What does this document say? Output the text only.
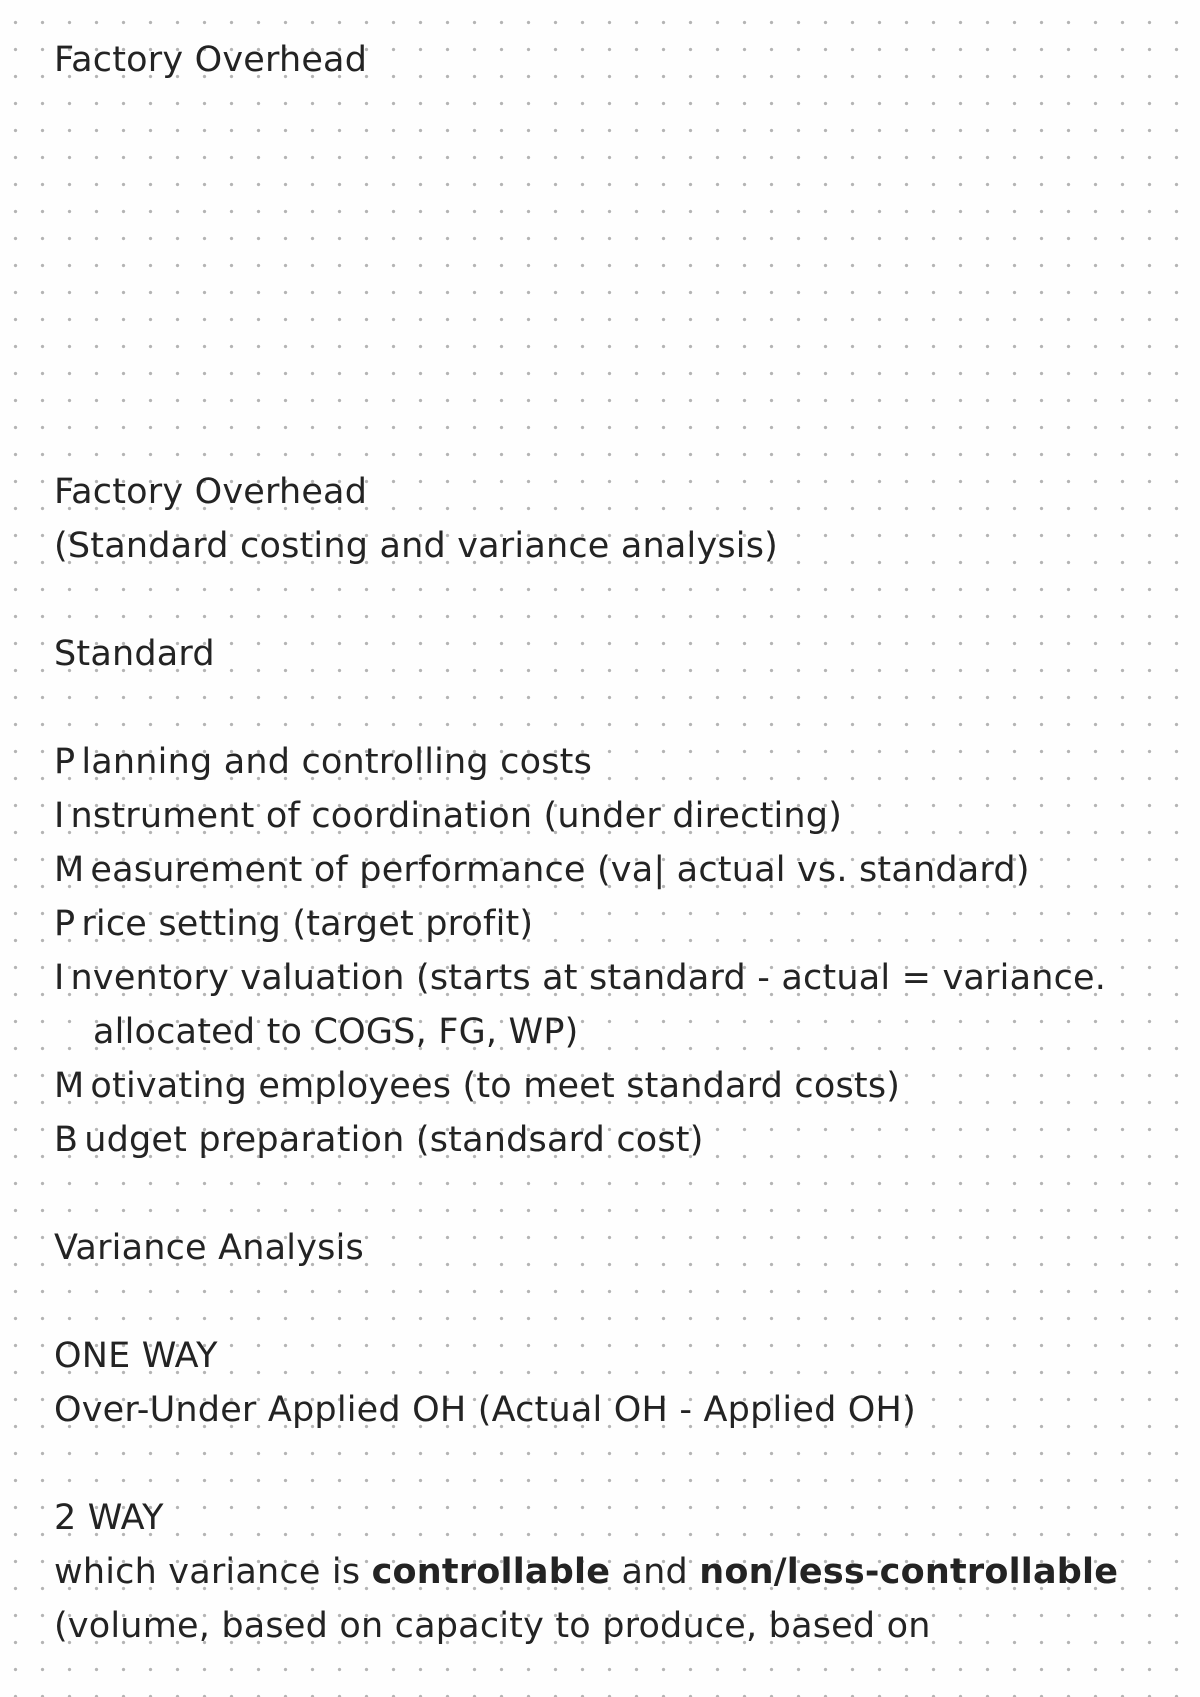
Factory Overhead

Factory Overhead

(Standard costing and variance analysis)

Standard

P lanning and controlling costs

I nstrument of coordination (under directing)

M easurement of performance (va| actual vs. standard)

P rice setting (target profit)

I nventory valuation (starts at standard - actual = variance.

allocated to COGS, FG, WP)

M otivating employees (to meet standard costs)

B udget preparation (standsard cost)

Variance Analysis

ONE WAY

Over-Under Applied OH (Actual OH - Applied OH)

2 WAY

which variance is controllable and non/less-controllable

(volume, based on capacity to produce, based on
